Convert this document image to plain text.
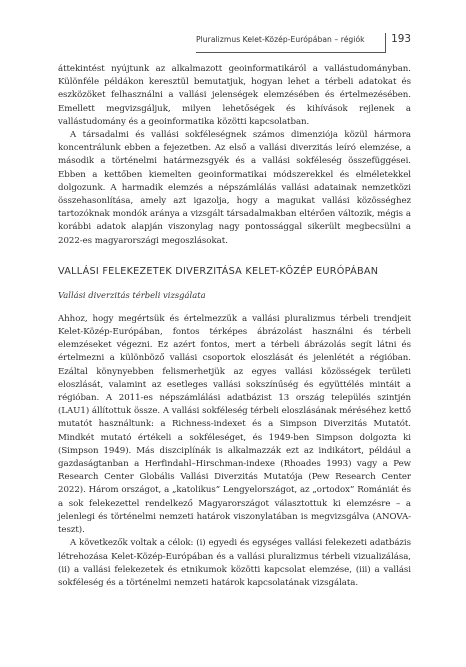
Pluralizmus Kelet-Közép-Európában – régiók	193

áttekintést nyújtunk az alkalmazott geoinformatikáról a vallástudományban. Különféle példákon keresztül bemutatjuk, hogyan lehet a térbeli adatokat és eszközöket felhasználni a vallási jelenségek elemzésében és értelmezésében. Emellett megvizsgáljuk, milyen lehetőségek és kihívások rejlenek a vallástudomány és a geoinformatika közötti kapcsolatban.

A társadalmi és vallási sokféleségnek számos dimenziója közül hármora koncentrálunk ebben a fejezetben. Az első a vallási diverzitás leíró elemzése, a második a történelmi határmezsgyék és a vallási sokféleség összefüggései. Ebben a kettőben kiemelten geoinformatikai módszerekkel és elméletekkel dolgozunk. A harmadik elemzés a népszámlálás vallási adatainak nemzetközi összehasonlítása, amely azt igazolja, hogy a magukat vallási közösséghez tartozóknak mondók aránya a vizsgált társadalmakban eltérően változik, mégis a korábbi adatok alapján viszonylag nagy pontossággal sikerült megbecsülni a 2022-es magyarországi megoszlásokat.

VALLÁSI FELEKEZETEK DIVERZITÁSA KELET-KÖZÉP EURÓPÁBAN
Vallási diverzitás térbeli vizsgálata

Ahhoz, hogy megértsük és értelmezzük a vallási pluralizmus térbeli trendjeit Kelet-Közép-Európában, fontos térképes ábrázolást használni és térbeli elemzéseket végezni. Ez azért fontos, mert a térbeli ábrázolás segít látni és értelmezni a különböző vallási csoportok eloszlását és jelenlétét a régióban. Ezáltal könynyebben felismerhetjük az egyes vallási közösségek területi eloszlását, valamint az esetleges vallási sokszínűség és együttélés mintáit a régióban. A 2011-es népszámlálási adatbázist 13 ország település szintjén (LAU1) állítottuk össze. A vallási sokféleség térbeli eloszlásának méréséhez kettő mutatót használtunk: a Richness-indexet és a Simpson Diverzitás Mutatót. Mindkét mutató értékeli a sokféleséget, és 1949-ben Simpson dolgozta ki (Simpson 1949). Más diszciplínák is alkalmazzák ezt az indikátort, például a gazdaságtanban a Herfindahl–Hirschman-indexe (Rhoades 1993) vagy a Pew Research Center Globális Vallási Diverzitás Mutatója (Pew Research Center 2022). Három országot, a „katolikus” Lengyelországot, az „ortodox” Romániát és a sok felekezettel rendelkező Magyarországot választottuk ki elemzésre – a jelenlegi és történelmi nemzeti határok viszonylatában is megvizsgálva (ANOVA-teszt).

A következők voltak a célok: (i) egyedi és egységes vallási felekezeti adatbázis létrehozása Kelet-Közép-Európában és a vallási pluralizmus térbeli vizualizálása, (ii) a vallási felekezetek és etnikumok közötti kapcsolat elemzése, (iii) a vallási sokféleség és a történelmi nemzeti határok kapcsolatának vizsgálata.
